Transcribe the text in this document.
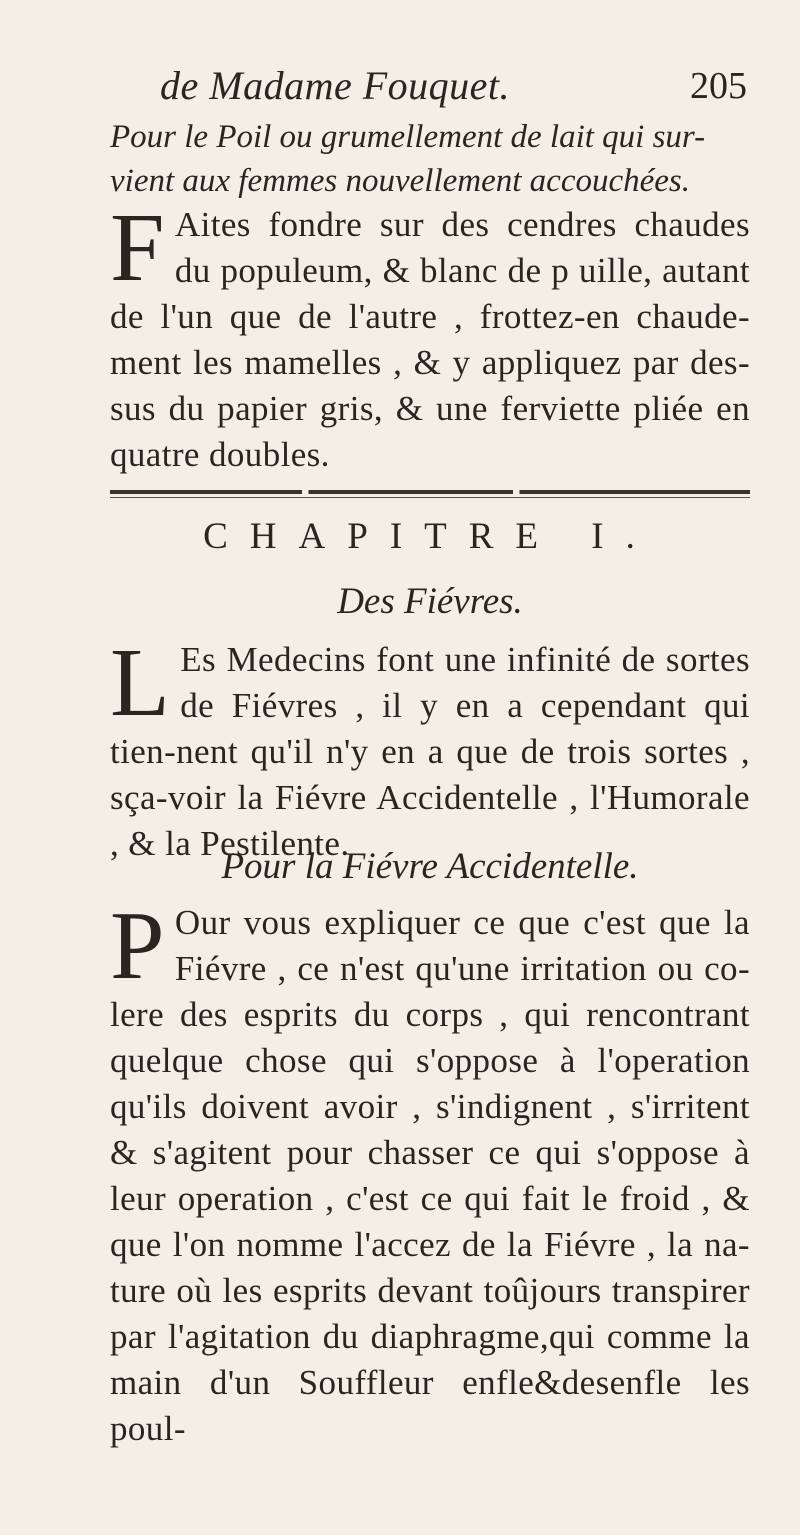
de Madame Fouquet.	205
Pour le Poil ou grumellement de lait qui sur-vient aux femmes nouvellement accouchées.
F Aites fondre sur des cendres chaudes du populeum, & blanc de p uille, autant de l'un que de l'autre , frottez-en chaude-ment les mamelles , & y appliquez par des-sus du papier gris, & une ferviette pliée en quatre doubles.
CHAPITRE I.
Des Fiévres.
L Es Medecins font une infinité de sortes de Fiévres , il y en a cependant qui tien-nent qu'il n'y en a que de trois sortes , sça-voir la Fiévre Accidentelle , l'Humorale , & la Pestilente.
Pour la Fiévre Accidentelle.
P Our vous expliquer ce que c'est que la Fiévre , ce n'est qu'une irritation ou co-lere des esprits du corps , qui rencontrant quelque chose qui s'oppose à l'operation qu'ils doivent avoir , s'indignent , s'irritent & s'agitent pour chasser ce qui s'oppose à leur operation , c'est ce qui fait le froid , & que l'on nomme l'accez de la Fiévre , la na-ture où les esprits devant toûjours transpirer par l'agitation du diaphragme,qui comme la main d'un Souffleur enfle&desenfle les poul-
